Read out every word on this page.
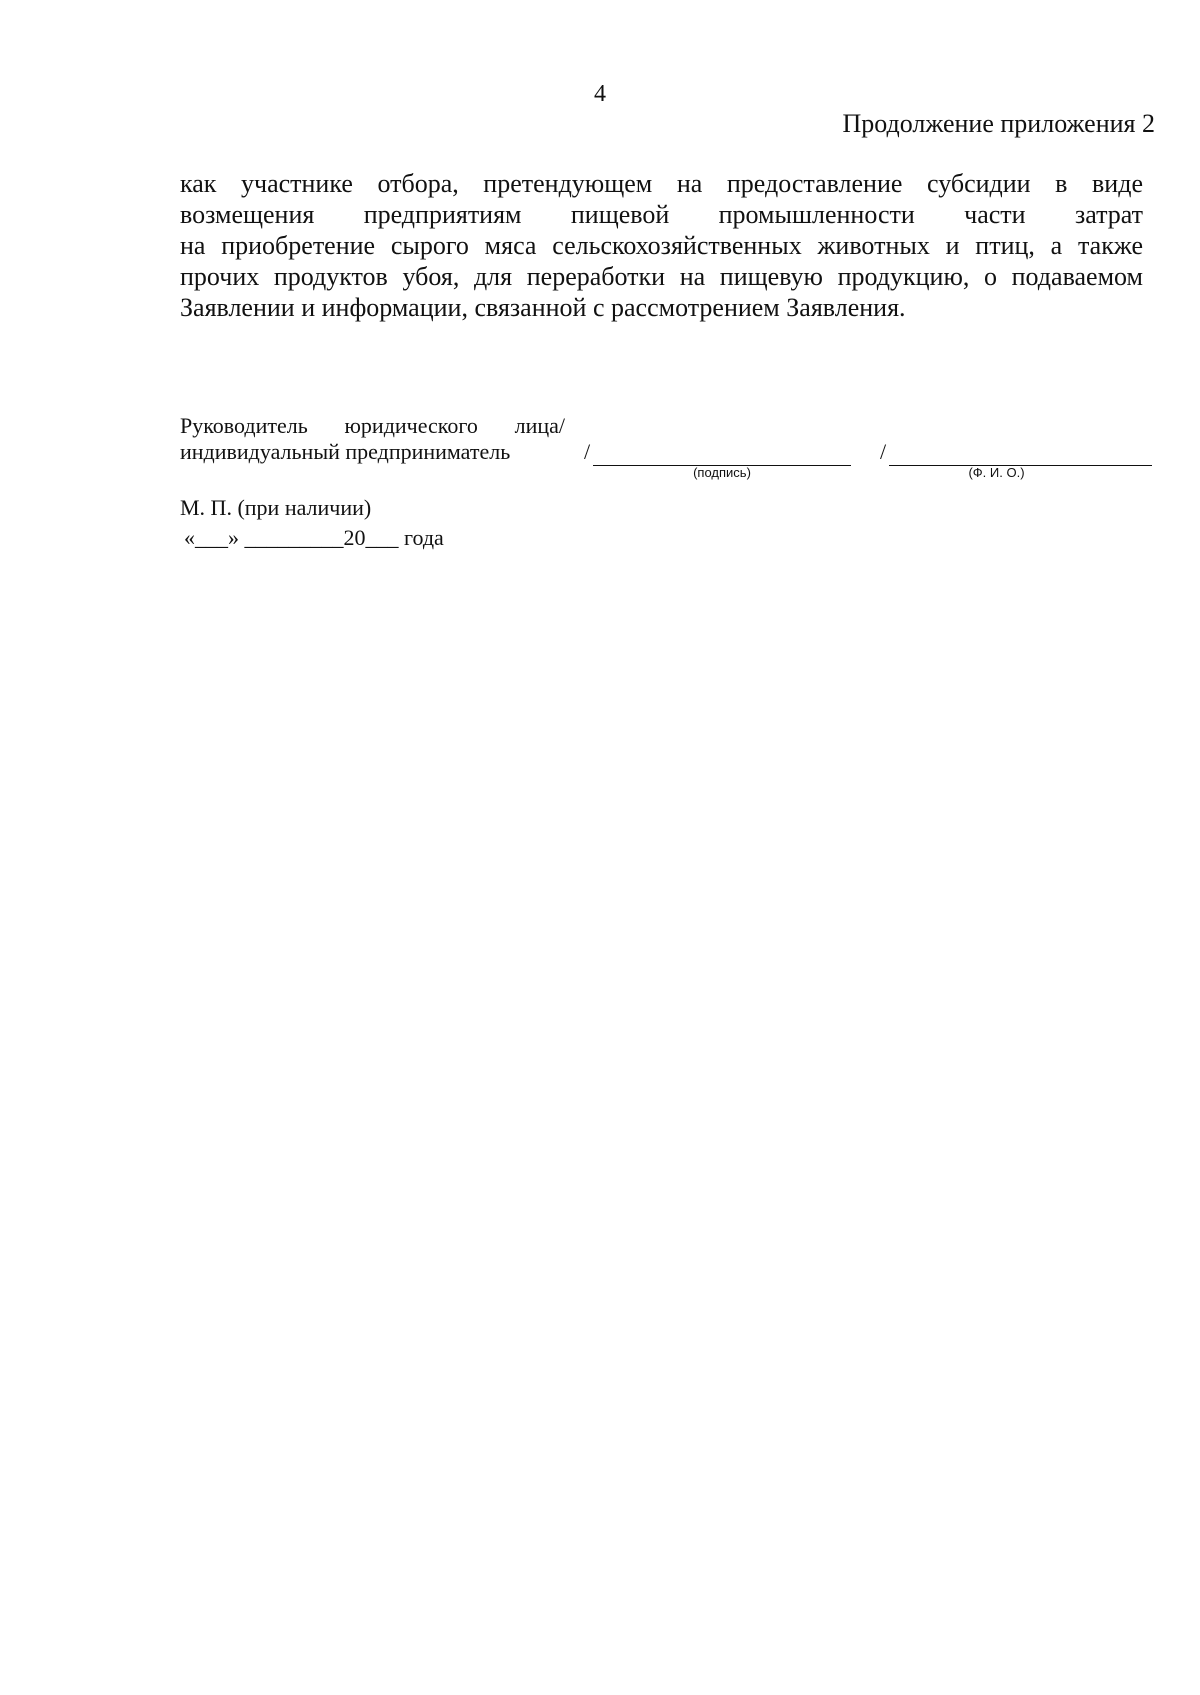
4
Продолжение приложения 2
как участнике отбора, претендующем на предоставление субсидии в виде
возмещения предприятиям пищевой промышленности части затрат
на приобретение сырого мяса сельскохозяйственных животных и птиц, а также
прочих продуктов убоя, для переработки на пищевую продукцию, о подаваемом
Заявлении и информации, связанной с рассмотрением Заявления.
Руководитель юридического лица/
индивидуальный предприниматель	/
(подпись)
/
(Ф. И. О.)
М. П. (при наличии)
«___» _________20___ года
